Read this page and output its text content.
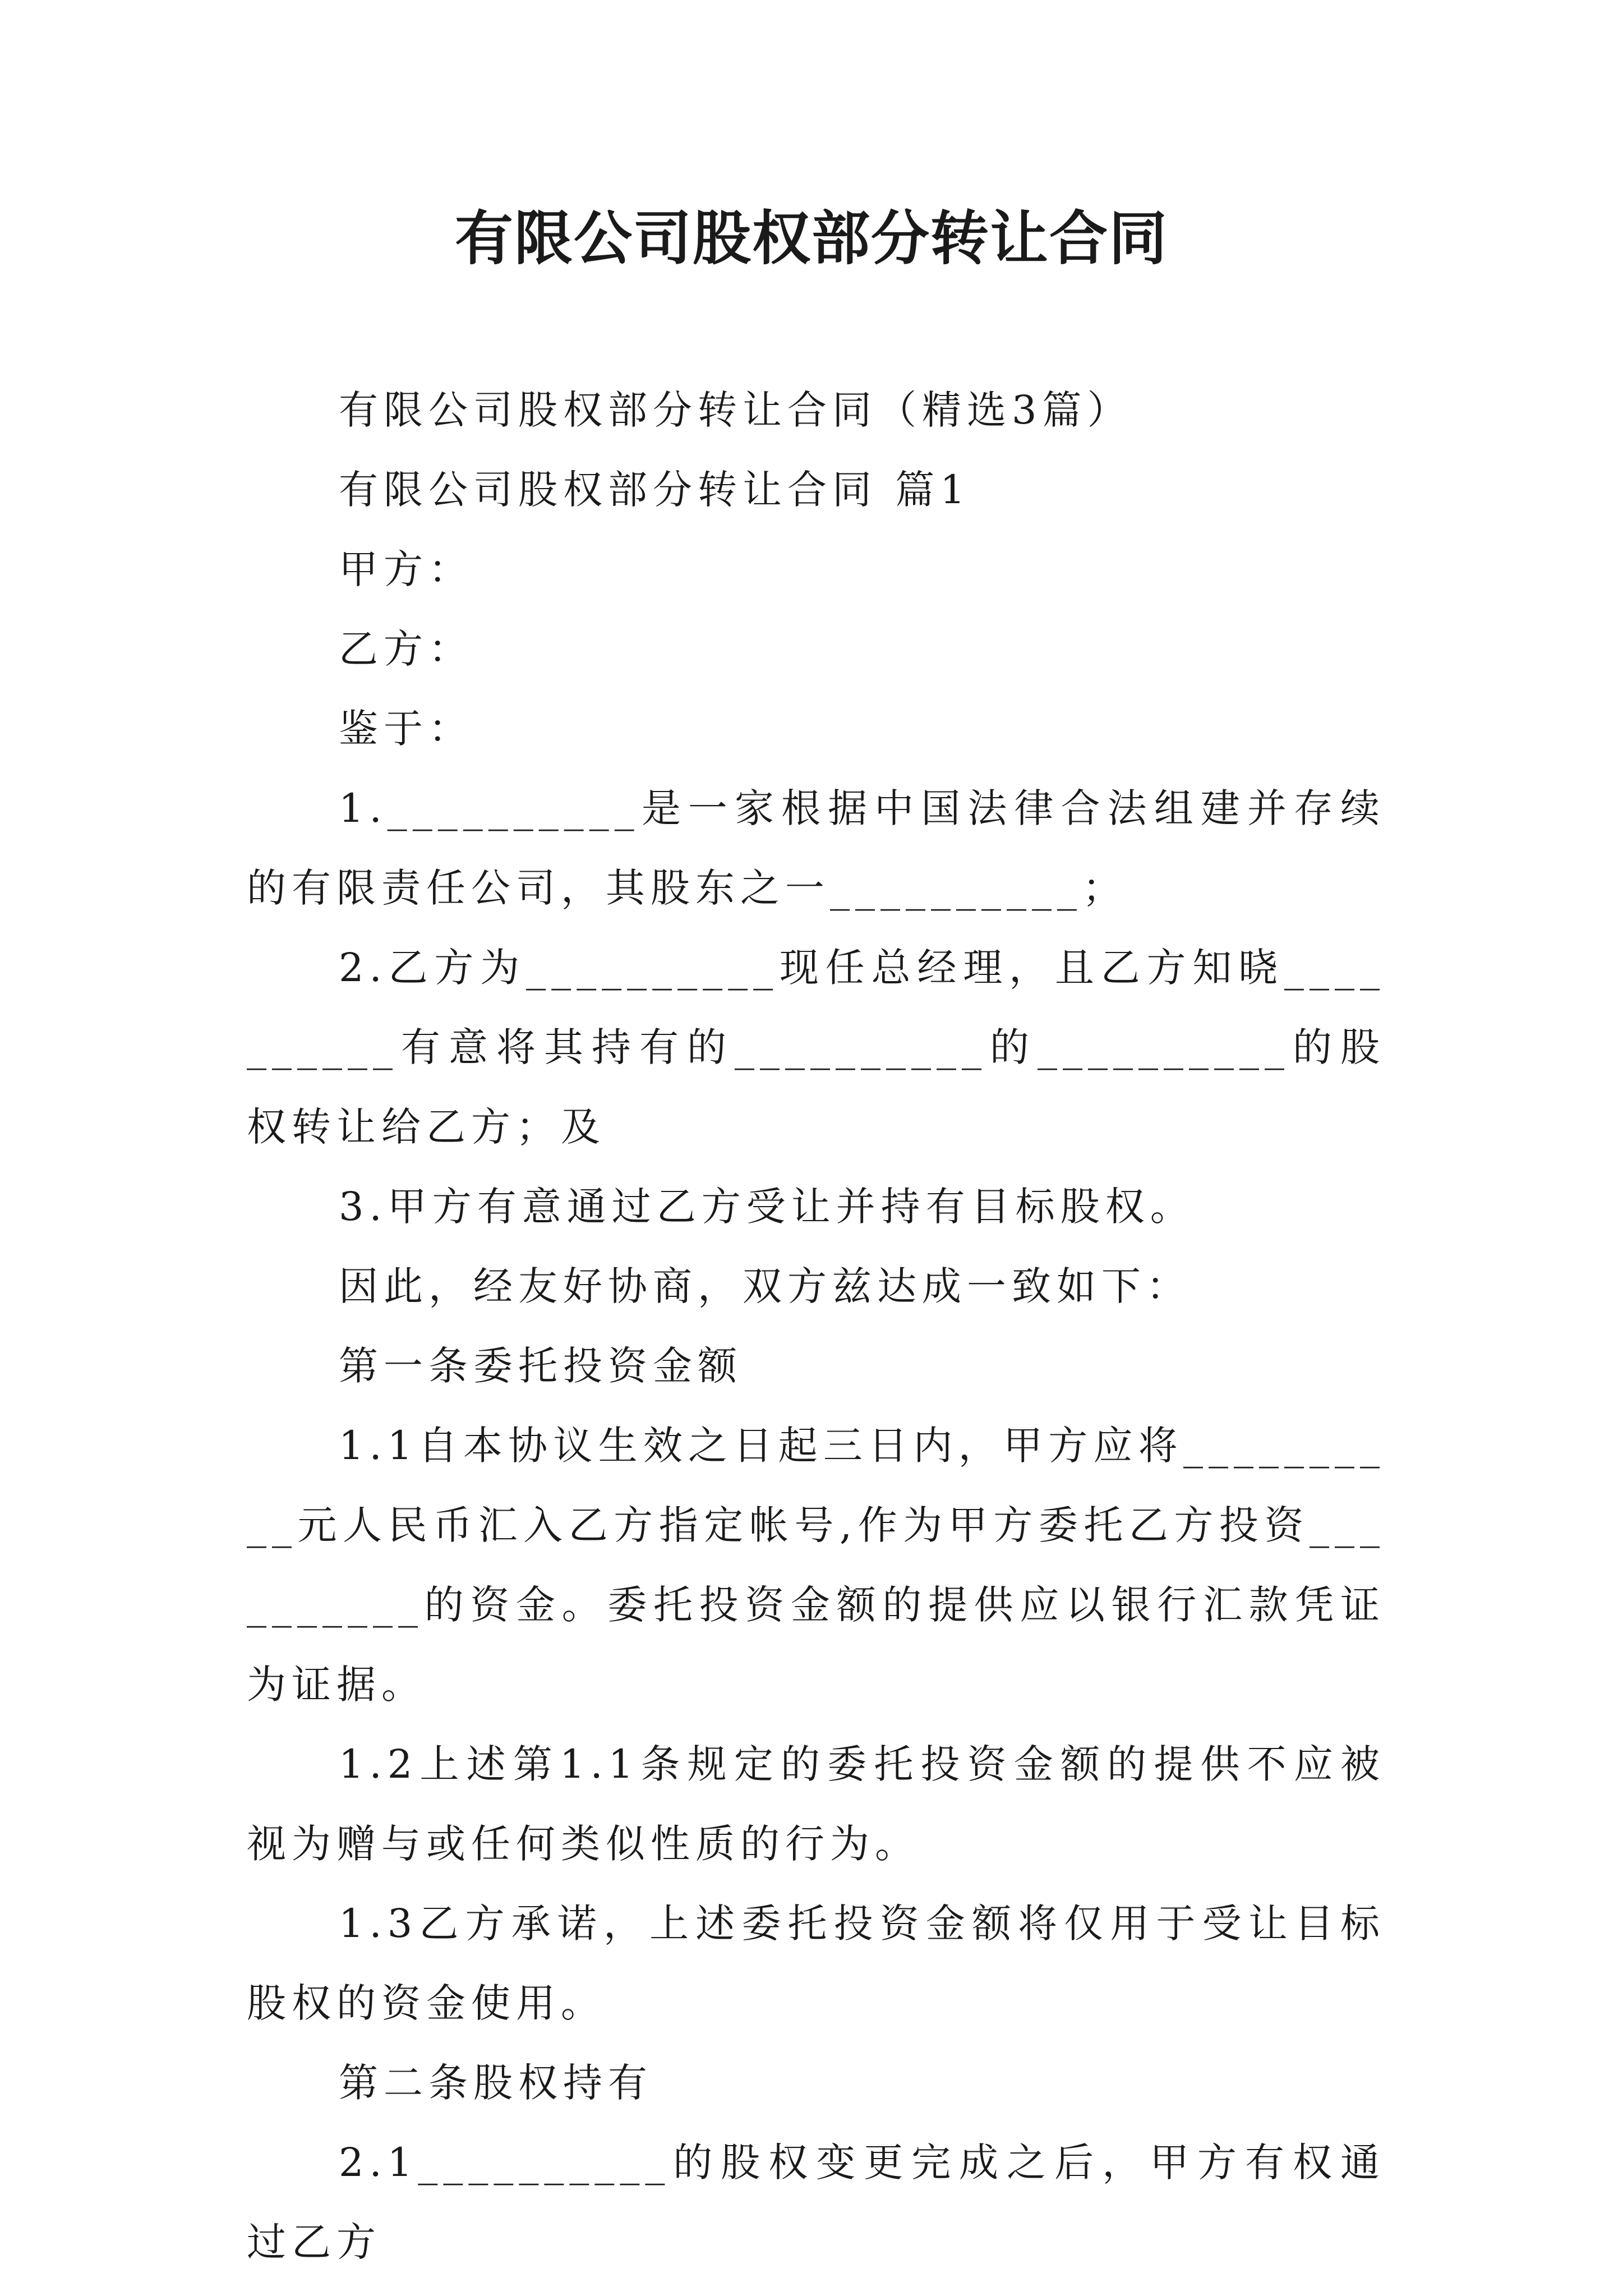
有限公司股权部分转让合同

有限公司股权部分转让合同（精选3篇）

有限公司股权部分转让合同 篇1

甲方：

乙方：

鉴于：

1.__________是一家根据中国法律合法组建并存续的有限责任公司，其股东之一__________；

2.乙方为__________现任总经理，且乙方知晓__________有意将其持有的__________的__________的股权转让给乙方；及

3.甲方有意通过乙方受让并持有目标股权。

因此，经友好协商，双方兹达成一致如下：

第一条委托投资金额

1.1自本协议生效之日起三日内，甲方应将__________元人民币汇入乙方指定帐号,作为甲方委托乙方投资__________的资金。委托投资金额的提供应以银行汇款凭证为证据。

1.2上述第1.1条规定的委托投资金额的提供不应被视为赠与或任何类似性质的行为。

1.3乙方承诺，上述委托投资金额将仅用于受让目标股权的资金使用。

第二条股权持有

2.1__________的股权变更完成之后，甲方有权通过乙方
